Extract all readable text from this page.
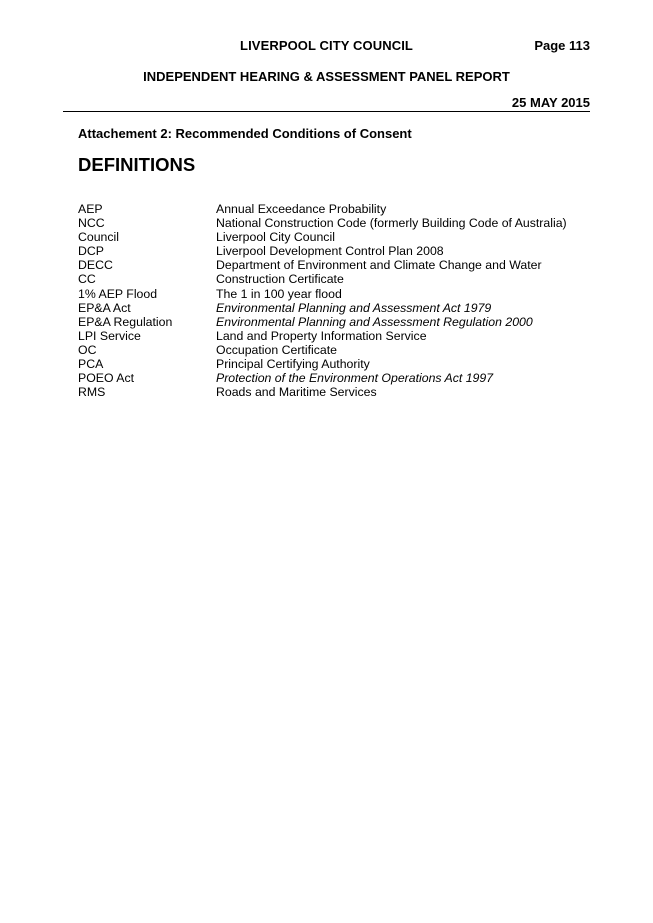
LIVERPOOL CITY COUNCIL	Page 113
INDEPENDENT HEARING & ASSESSMENT PANEL REPORT
25 MAY 2015
Attachement 2: Recommended Conditions of Consent
DEFINITIONS
AEP	Annual Exceedance Probability
NCC	National Construction Code (formerly Building Code of Australia)
Council	Liverpool City Council
DCP	Liverpool Development Control Plan 2008
DECC	Department of Environment and Climate Change and Water
CC	Construction Certificate
1% AEP Flood	The 1 in 100 year flood
EP&A Act	Environmental Planning and Assessment Act 1979
EP&A Regulation	Environmental Planning and Assessment Regulation 2000
LPI Service	Land and Property Information Service
OC	Occupation Certificate
PCA	Principal Certifying Authority
POEO Act	Protection of the Environment Operations Act 1997
RMS	Roads and Maritime Services
